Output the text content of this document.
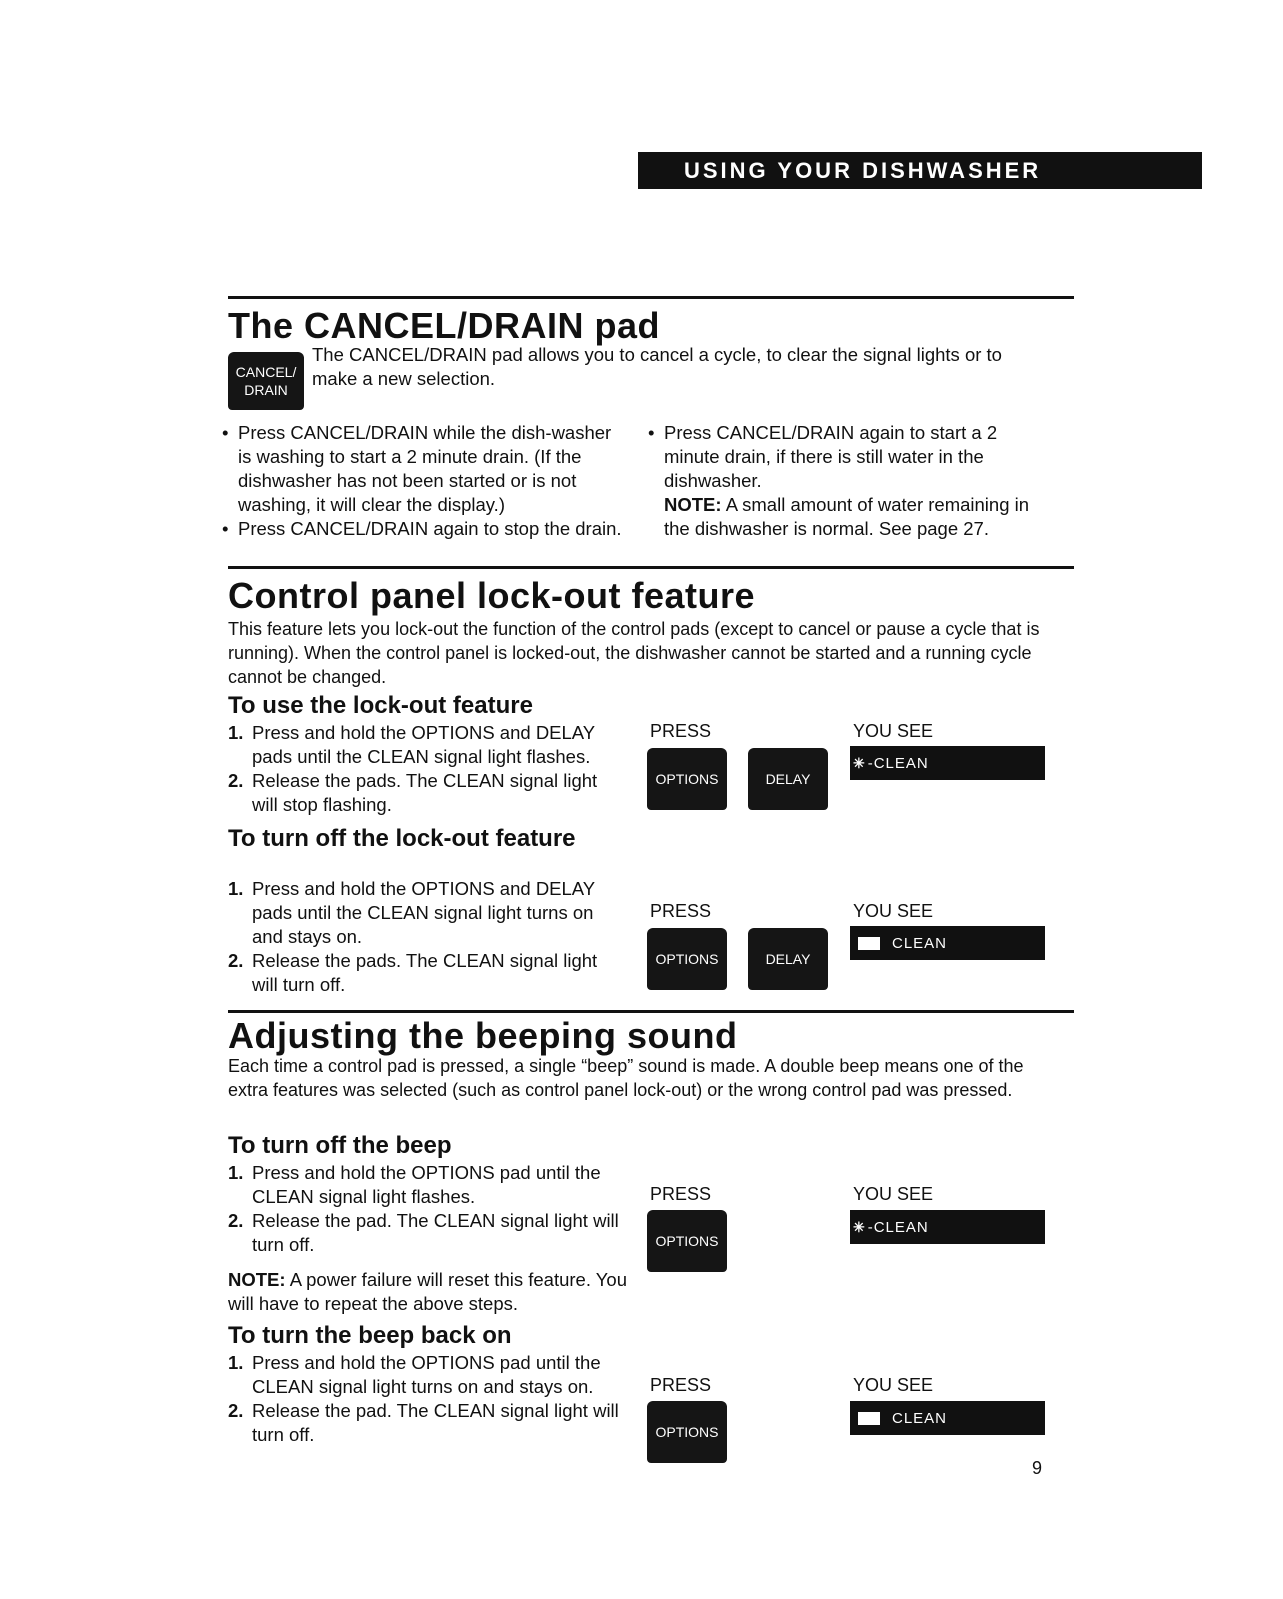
USING YOUR DISHWASHER
The CANCEL/DRAIN pad
CANCEL/
DRAIN
The CANCEL/DRAIN pad allows you to cancel a cycle, to clear the signal lights or to
make a new selection.
• Press CANCEL/DRAIN while the dish-washer is washing to start a 2 minute drain. (If the dishwasher has not been started or is not washing, it will clear the display.)
• Press CANCEL/DRAIN again to stop the drain.
• Press CANCEL/DRAIN again to start a 2 minute drain, if there is still water in the dishwasher.
NOTE: A small amount of water remaining in the dishwasher is normal. See page 27.
Control panel lock-out feature
This feature lets you lock-out the function of the control pads (except to cancel or pause a cycle that is running). When the control panel is locked-out, the dishwasher cannot be started and a running cycle cannot be changed.
To use the lock-out feature
1. Press and hold the OPTIONS and DELAY pads until the CLEAN signal light flashes.
2. Release the pads. The CLEAN signal light will stop flashing.
PRESS	YOU SEE
OPTIONS	DELAY
✳ -CLEAN
To turn off the lock-out feature
1. Press and hold the OPTIONS and DELAY pads until the CLEAN signal light turns on and stays on.
2. Release the pads. The CLEAN signal light will turn off.
PRESS	YOU SEE
OPTIONS	DELAY
CLEAN
Adjusting the beeping sound
Each time a control pad is pressed, a single “beep” sound is made. A double beep means one of the extra features was selected (such as control panel lock-out) or the wrong control pad was pressed.
To turn off the beep
1. Press and hold the OPTIONS pad until the CLEAN signal light flashes.
2. Release the pad. The CLEAN signal light will turn off.
NOTE: A power failure will reset this feature. You will have to repeat the above steps.
PRESS	YOU SEE
OPTIONS
✳ -CLEAN
To turn the beep back on
1. Press and hold the OPTIONS pad until the CLEAN signal light turns on and stays on.
2. Release the pad. The CLEAN signal light will turn off.
PRESS	YOU SEE
OPTIONS
CLEAN
9
